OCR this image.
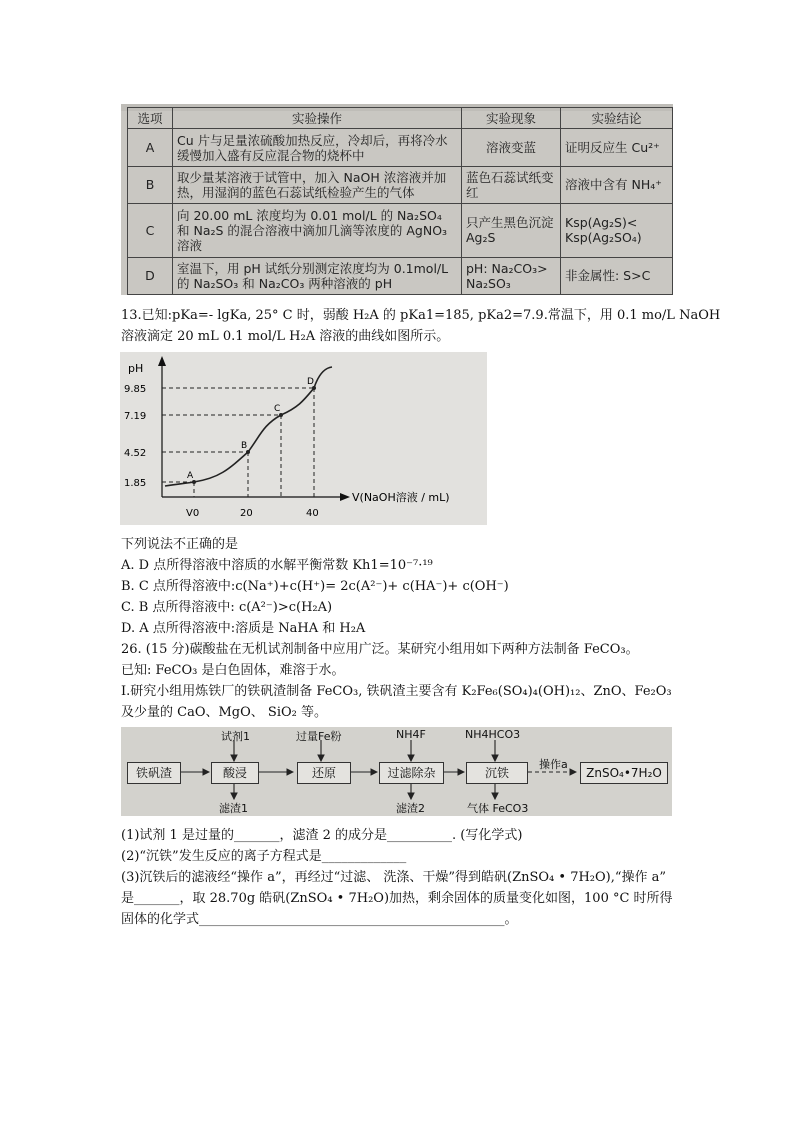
选项	实验操作	实验现象	实验结论
A	Cu 片与足量浓硫酸加热反应，冷却后，再将冷水缓慢加入盛有反应混合物的烧杯中	溶液变蓝	证明反应生 Cu²⁺
B	取少量某溶液于试管中，加入 NaOH 浓溶液并加热，用湿润的蓝色石蕊试纸检验产生的气体	蓝色石蕊试纸变红	溶液中含有 NH₄⁺
C	向 20.00 mL 浓度均为 0.01 mol/L 的 Na₂SO₄ 和 Na₂S 的混合溶液中滴加几滴等浓度的 AgNO₃ 溶液	只产生黑色沉淀 Ag₂S	Ksp(Ag₂S)< Ksp(Ag₂SO₄)
D	室温下，用 pH 试纸分别测定浓度均为 0.1mol/L 的 Na₂SO₃ 和 Na₂CO₃ 两种溶液的 pH	pH: Na₂CO₃> Na₂SO₃	非金属性: S>C
13.已知:pKa=- lgKa, 25° C 时，弱酸 H₂A 的 pKa1=185, pKa2=7.9.常温下，用 0.1 mo/L NaOH
溶液滴定 20 mL 0.1 mol/L H₂A 溶液的曲线如图所示。
pH
V(NaOH溶液 / mL)
9.85
7.19
4.52
1.85
V0	20	40
A
B
C
D
下列说法不正确的是
A. D 点所得溶液中溶质的水解平衡常数 Kh1=10⁻⁷·¹⁹
B. C 点所得溶液中:c(Na⁺)+c(H⁺)= 2c(A²⁻)+ c(HA⁻)+ c(OH⁻)
C. B 点所得溶液中: c(A²⁻)>c(H₂A)
D. A 点所得溶液中:溶质是 NaHA 和 H₂A
26. (15 分)碳酸盐在无机试剂制备中应用广泛。某研究小组用如下两种方法制备 FeCO₃。
已知: FeCO₃ 是白色固体，难溶于水。
I.研究小组用炼铁厂的铁矾渣制备 FeCO₃, 铁矾渣主要含有 K₂Fe₆(SO₄)₄(OH)₁₂、ZnO、Fe₂O₃
及少量的 CaO、MgO、 SiO₂ 等。
铁矾渣	酸浸	还原	过滤除杂	沉铁	ZnSO₄•7H₂O
试剂1	过量Fe粉	NH4F	NH4HCO3
滤渣1	滤渣2	气体 FeCO3
操作a
(1)试剂 1 是过量的_______，滤渣 2 的成分是__________. (写化学式)
(2)“沉铁”发生反应的离子方程式是_____________
(3)沉铁后的滤液经“操作 a”，再经过“过滤、 洗涤、干燥”得到皓矾(ZnSO₄ • 7H₂O),“操作 a”
是_______，取 28.70g 皓矾(ZnSO₄ • 7H₂O)加热，剩余固体的质量变化如图，100 °C 时所得
固体的化学式_______________________________________________。
